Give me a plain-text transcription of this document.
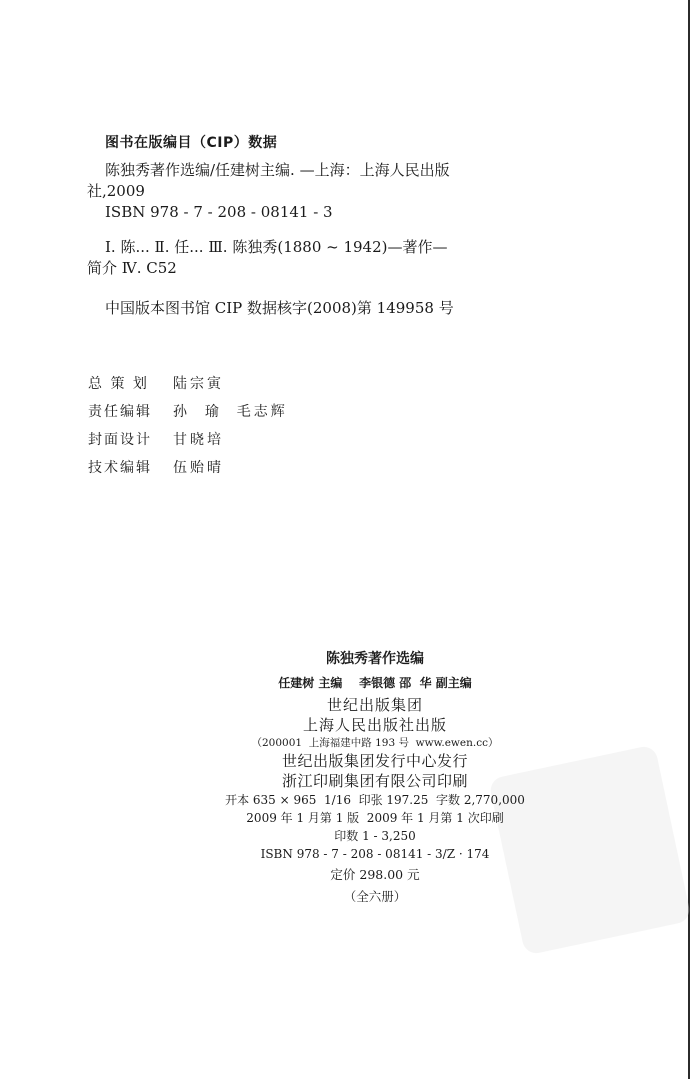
图书在版编目（CIP）数据
陈独秀著作选编/任建树主编. —上海：上海人民出版
社,2009
ISBN 978 - 7 - 208 - 08141 - 3
Ⅰ. 陈... Ⅱ. 任... Ⅲ. 陈独秀(1880 ~ 1942)—著作—
简介 Ⅳ. C52
中国版本图书馆 CIP 数据核字(2008)第 149958 号
总 策 划	陆宗寅
责任编辑	孙  瑜  毛志辉
封面设计	甘晓培
技术编辑	伍贻晴
陈独秀著作选编
任建树 主编    李银德 邵  华 副主编
世纪出版集团
上海人民出版社出版
（200001  上海福建中路 193 号  www.ewen.cc）
世纪出版集团发行中心发行
浙江印刷集团有限公司印刷
开本 635 × 965  1/16  印张 197.25  字数 2,770,000
2009 年 1 月第 1 版  2009 年 1 月第 1 次印刷
印数 1 - 3,250
ISBN 978 - 7 - 208 - 08141 - 3/Z · 174
定价 298.00 元
（全六册）
